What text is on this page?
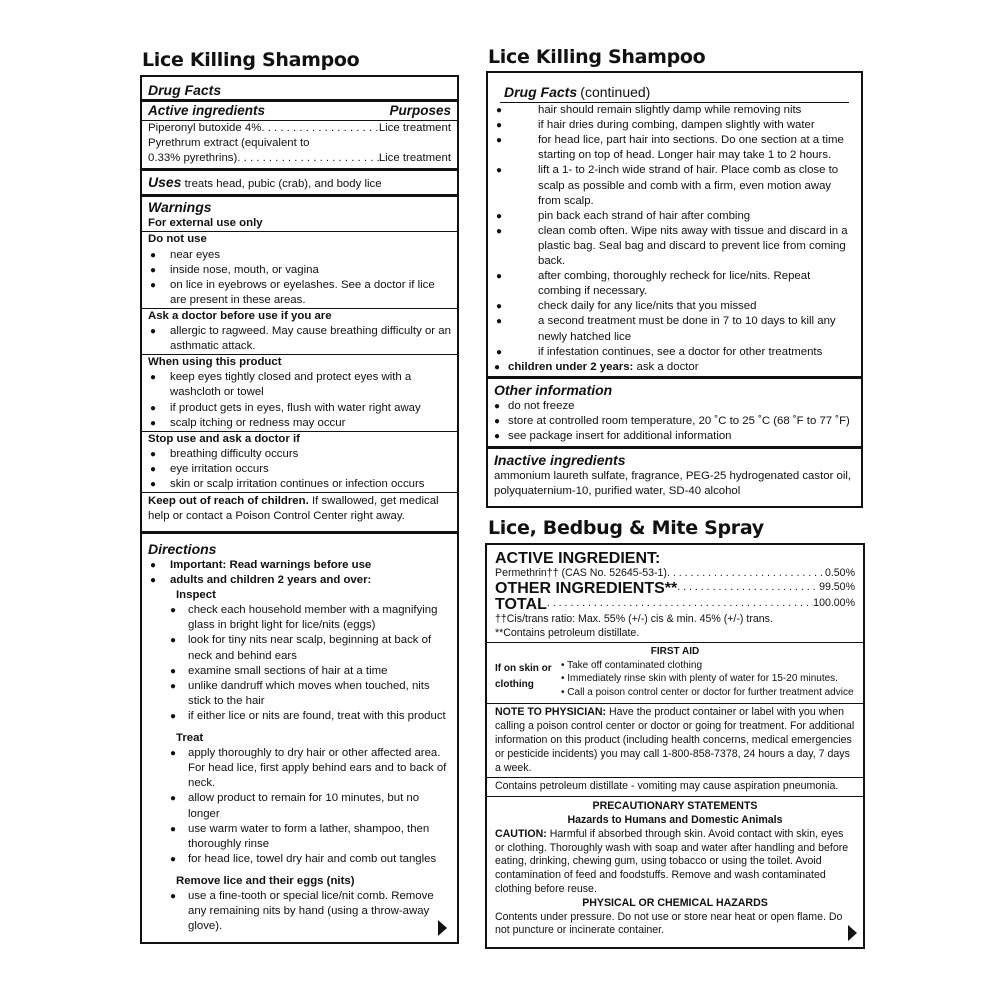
Lice Killing Shampoo	Lice Killing Shampoo
Lice, Bedbug & Mite Spray
Drug Facts
Active ingredients	Purposes
Piperonyl butoxide 4% . . .	Lice treatment
Pyrethrum extract (equivalent to
0.33% pyrethrins) . . .	Lice treatment
Uses treats head, pubic (crab), and body lice
Warnings
For external use only
Do not use
● near eyes
● inside nose, mouth, or vagina
● on lice in eyebrows or eyelashes. See a doctor if lice are present in these areas.
Ask a doctor before use if you are
● allergic to ragweed. May cause breathing difficulty or an asthmatic attack.
When using this product
● keep eyes tightly closed and protect eyes with a washcloth or towel
● if product gets in eyes, flush with water right away
● scalp itching or redness may occur
Stop use and ask a doctor if
● breathing difficulty occurs
● eye irritation occurs
● skin or scalp irritation continues or infection occurs
Keep out of reach of children. If swallowed, get medical help or contact a Poison Control Center right away.
Directions
● Important: Read warnings before use
● adults and children 2 years and over:
Inspect
● check each household member with a magnifying glass in bright light for lice/nits (eggs)
● look for tiny nits near scalp, beginning at back of neck and behind ears
● examine small sections of hair at a time
● unlike dandruff which moves when touched, nits stick to the hair
● if either lice or nits are found, treat with this product
Treat
● apply thoroughly to dry hair or other affected area. For head lice, first apply behind ears and to back of neck.
● allow product to remain for 10 minutes, but no longer
● use warm water to form a lather, shampoo, then thoroughly rinse
● for head lice, towel dry hair and comb out tangles
Remove lice and their eggs (nits)
● use a fine-tooth or special lice/nit comb. Remove any remaining nits by hand (using a throw-away glove).
Drug Facts (continued)
● hair should remain slightly damp while removing nits
● if hair dries during combing, dampen slightly with water
● for head lice, part hair into sections. Do one section at a time starting on top of head. Longer hair may take 1 to 2 hours.
● lift a 1- to 2-inch wide strand of hair. Place comb as close to scalp as possible and comb with a firm, even motion away from scalp.
● pin back each strand of hair after combing
● clean comb often. Wipe nits away with tissue and discard in a plastic bag. Seal bag and discard to prevent lice from coming back.
● after combing, thoroughly recheck for lice/nits. Repeat combing if necessary.
● check daily for any lice/nits that you missed
● a second treatment must be done in 7 to 10 days to kill any newly hatched lice
● if infestation continues, see a doctor for other treatments
● children under 2 years: ask a doctor
Other information
● do not freeze
● store at controlled room temperature, 20 ˚C to 25 ˚C (68 ˚F to 77 ˚F)
● see package insert for additional information
Inactive ingredients
ammonium laureth sulfate, fragrance, PEG-25 hydrogenated castor oil, polyquaternium-10, purified water, SD-40 alcohol
ACTIVE INGREDIENT:
Permethrin†† (CAS No. 52645-53-1) . . .	0.50%
OTHER INGREDIENTS** . . .	99.50%
TOTAL . . .	100.00%
††Cis/trans ratio: Max. 55% (+/-) cis & min. 45% (+/-) trans.
**Contains petroleum distillate.
FIRST AID
If on skin or clothing
• Take off contaminated clothing
• Immediately rinse skin with plenty of water for 15-20 minutes.
• Call a poison control center or doctor for further treatment advice
NOTE TO PHYSICIAN: Have the product container or label with you when calling a poison control center or doctor or going for treatment. For additional information on this product (including health concerns, medical emergencies or pesticide incidents) you may call 1-800-858-7378, 24 hours a day, 7 days a week.
Contains petroleum distillate - vomiting may cause aspiration pneumonia.
PRECAUTIONARY STATEMENTS
Hazards to Humans and Domestic Animals
CAUTION: Harmful if absorbed through skin. Avoid contact with skin, eyes or clothing. Thoroughly wash with soap and water after handling and before eating, drinking, chewing gum, using tobacco or using the toilet. Avoid contamination of feed and foodstuffs. Remove and wash contaminated clothing before reuse.
PHYSICAL OR CHEMICAL HAZARDS
Contents under pressure. Do not use or store near heat or open flame. Do not puncture or incinerate container.
